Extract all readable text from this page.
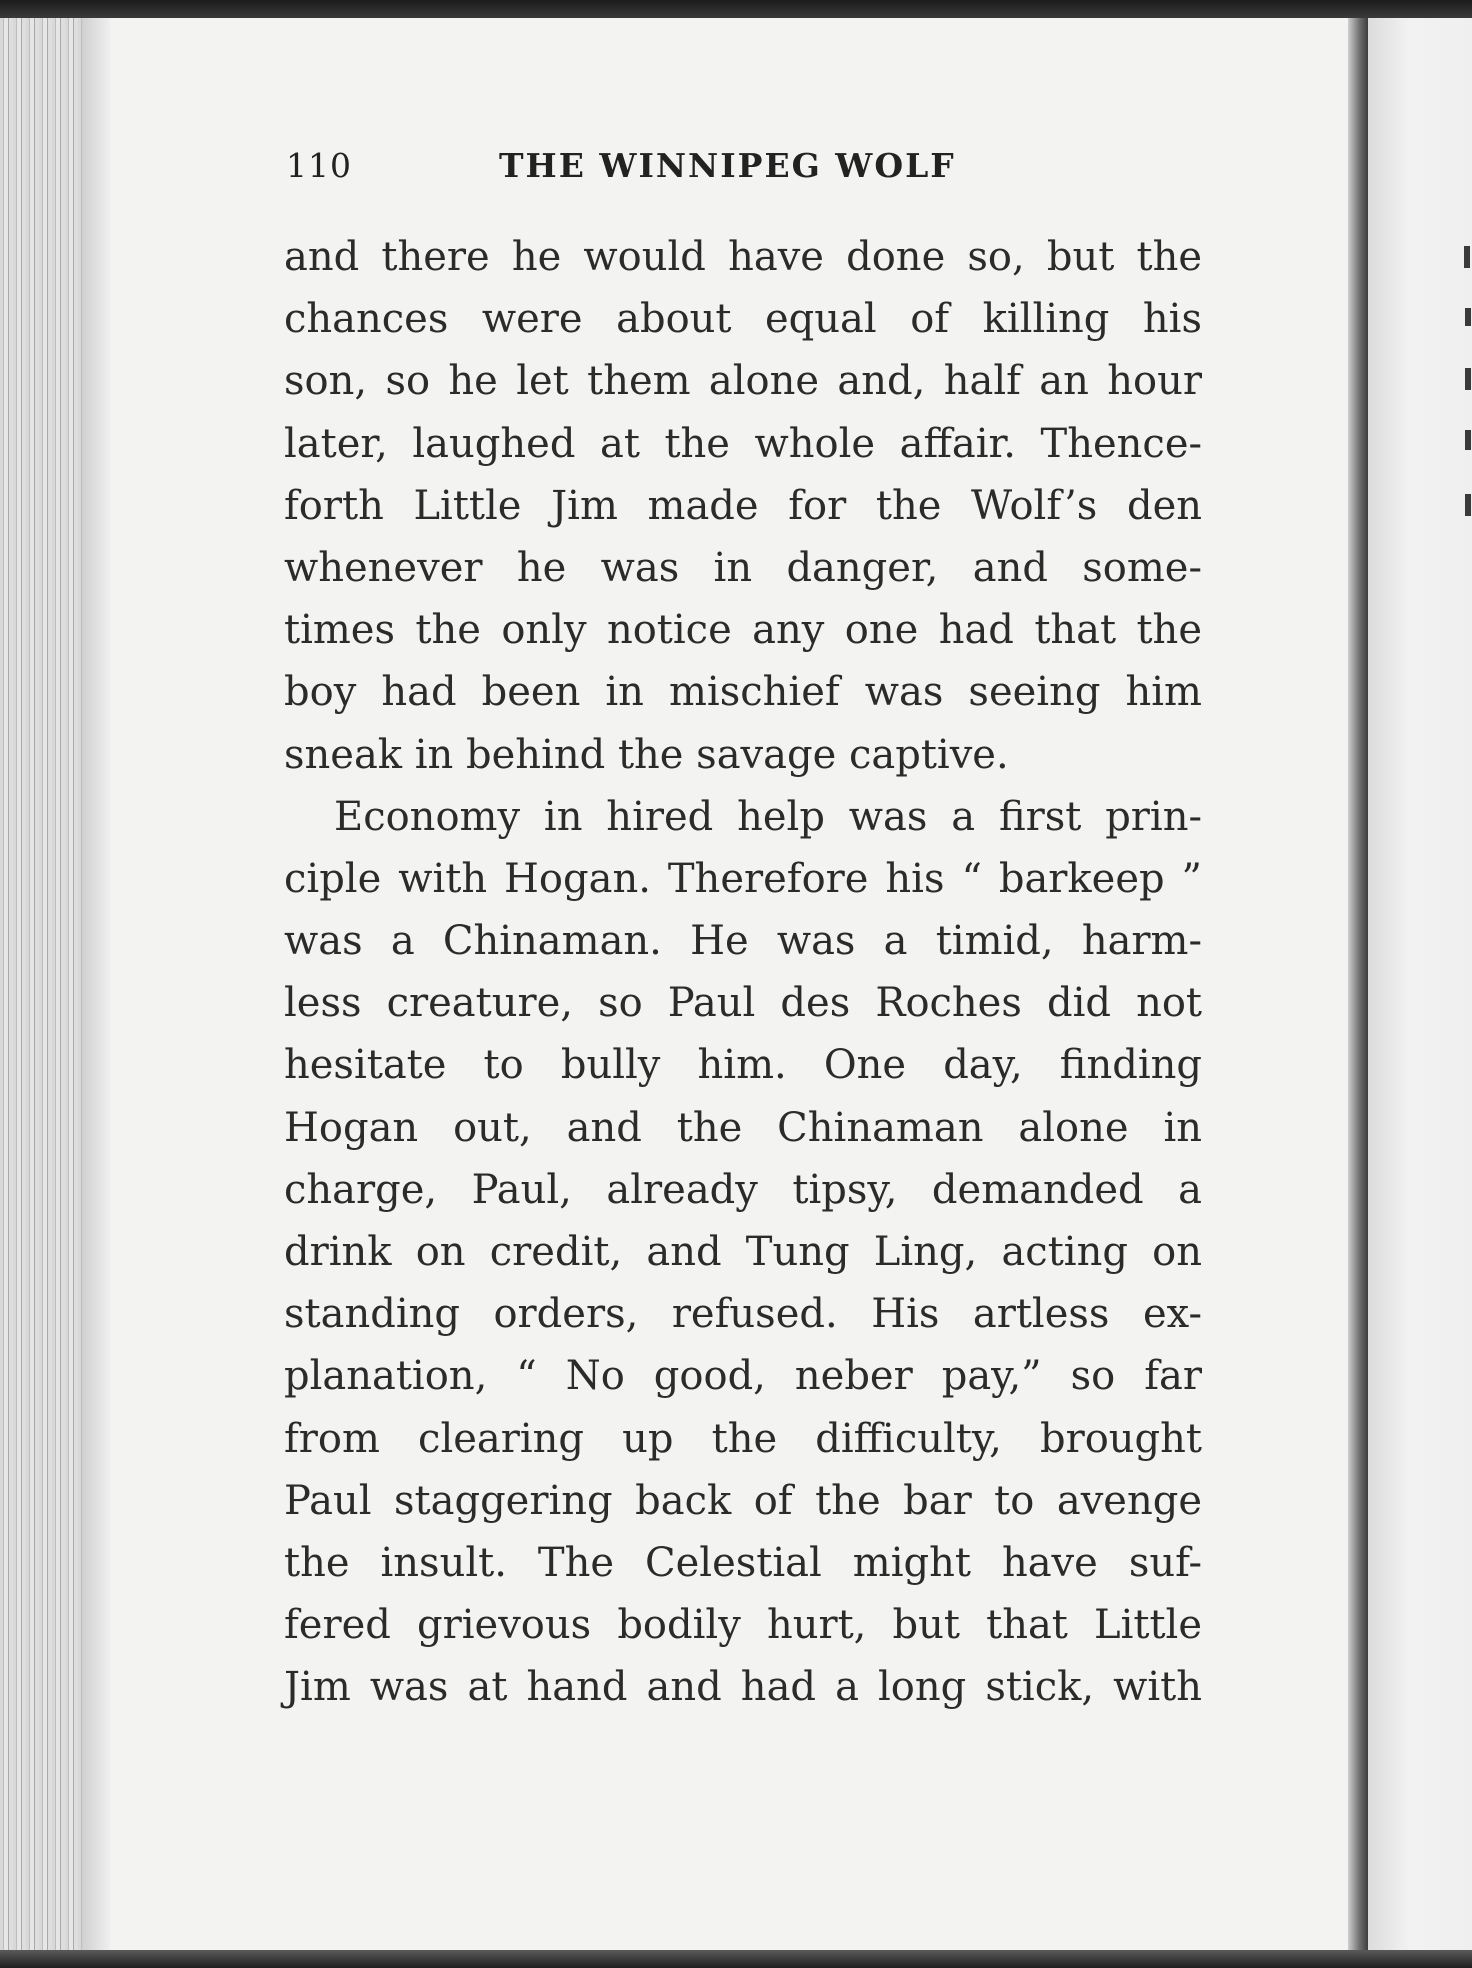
110	THE WINNIPEG WOLF
and there he would have done so, but the
chances were about equal of killing his
son, so he let them alone and, half an hour
later, laughed at the whole affair. Thence-
forth Little Jim made for the Wolf’s den
whenever he was in danger, and some-
times the only notice any one had that the
boy had been in mischief was seeing him
sneak in behind the savage captive.
Economy in hired help was a first prin-
ciple with Hogan. Therefore his “ barkeep ”
was a Chinaman. He was a timid, harm-
less creature, so Paul des Roches did not
hesitate to bully him. One day, finding
Hogan out, and the Chinaman alone in
charge, Paul, already tipsy, demanded a
drink on credit, and Tung Ling, acting on
standing orders, refused. His artless ex-
planation, “ No good, neber pay,” so far
from clearing up the difficulty, brought
Paul staggering back of the bar to avenge
the insult. The Celestial might have suf-
fered grievous bodily hurt, but that Little
Jim was at hand and had a long stick, with
